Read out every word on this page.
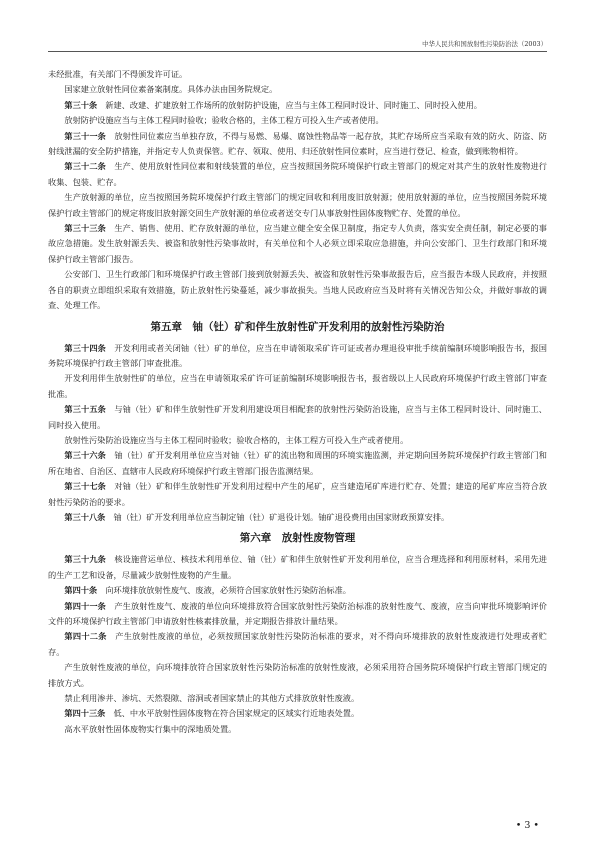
中华人民共和国放射性污染防治法（2003）

未经批准，有关部门不得颁发许可证。

国家建立放射性同位素备案制度。具体办法由国务院规定。

第三十条　 新建、改建、扩建放射工作场所的放射防护设施，应当与主体工程同时设计、同时施工、同时投入使用。

放射防护设施应当与主体工程同时验收；验收合格的，主体工程方可投入生产或者使用。

第三十一条　 放射性同位素应当单独存放，不得与易燃、易爆、腐蚀性物品等一起存放，其贮存场所应当采取有效的防火、防盗、防射线泄漏的安全防护措施，并指定专人负责保管。贮存、领取、使用、归还放射性同位素时，应当进行登记、检查，做到账物相符。

第三十二条　 生产、使用放射性同位素和射线装置的单位，应当按照国务院环境保护行政主管部门的规定对其产生的放射性废物进行收集、包装、贮存。

生产放射源的单位，应当按照国务院环境保护行政主管部门的规定回收和利用废旧放射源；使用放射源的单位，应当按照国务院环境保护行政主管部门的规定将废旧放射源交回生产放射源的单位或者送交专门从事放射性固体废物贮存、处置的单位。

第三十三条　 生产、销售、使用、贮存放射源的单位，应当建立健全安全保卫制度，指定专人负责，落实安全责任制，制定必要的事故应急措施。发生放射源丢失、被盗和放射性污染事故时，有关单位和个人必须立即采取应急措施，并向公安部门、卫生行政部门和环境保护行政主管部门报告。

公安部门、卫生行政部门和环境保护行政主管部门接到放射源丢失、被盗和放射性污染事故报告后，应当报告本级人民政府，并按照各自的职责立即组织采取有效措施，防止放射性污染蔓延，减少事故损失。当地人民政府应当及时将有关情况告知公众，并做好事故的调查、处理工作。

第五章　铀（钍）矿和伴生放射性矿开发利用的放射性污染防治

第三十四条　 开发利用或者关闭铀（钍）矿的单位，应当在申请领取采矿许可证或者办理退役审批手续前编制环境影响报告书，报国务院环境保护行政主管部门审查批准。

开发利用伴生放射性矿的单位，应当在申请领取采矿许可证前编制环境影响报告书，报省级以上人民政府环境保护行政主管部门审查批准。

第三十五条　 与铀（钍）矿和伴生放射性矿开发利用建设项目相配套的放射性污染防治设施，应当与主体工程同时设计、同时施工、同时投入使用。

放射性污染防治设施应当与主体工程同时验收；验收合格的，主体工程方可投入生产或者使用。

第三十六条　 铀（钍）矿开发利用单位应当对铀（钍）矿的流出物和周围的环境实施监测，并定期向国务院环境保护行政主管部门和所在地省、自治区、直辖市人民政府环境保护行政主管部门报告监测结果。

第三十七条　 对铀（钍）矿和伴生放射性矿开发利用过程中产生的尾矿，应当建造尾矿库进行贮存、处置；建造的尾矿库应当符合放射性污染防治的要求。

第三十八条　 铀（钍）矿开发利用单位应当制定铀（钍）矿退役计划。铀矿退役费用由国家财政预算安排。

第六章　放射性废物管理

第三十九条　 核设施营运单位、核技术利用单位、铀（钍）矿和伴生放射性矿开发利用单位，应当合理选择和利用原材料，采用先进的生产工艺和设备，尽量减少放射性废物的产生量。

第四十条　 向环境排放放射性废气、废液，必须符合国家放射性污染防治标准。

第四十一条　 产生放射性废气、废液的单位向环境排放符合国家放射性污染防治标准的放射性废气、废液，应当向审批环境影响评价文件的环境保护行政主管部门申请放射性核素排放量，并定期报告排放计量结果。

第四十二条　 产生放射性废液的单位，必须按照国家放射性污染防治标准的要求，对不得向环境排放的放射性废液进行处理或者贮存。

产生放射性废液的单位，向环境排放符合国家放射性污染防治标准的放射性废液，必须采用符合国务院环境保护行政主管部门规定的排放方式。

禁止利用渗井、渗坑、天然裂隙、溶洞或者国家禁止的其他方式排放放射性废液。

第四十三条　 低、中水平放射性固体废物在符合国家规定的区域实行近地表处置。

高水平放射性固体废物实行集中的深地质处置。

• 3 •
